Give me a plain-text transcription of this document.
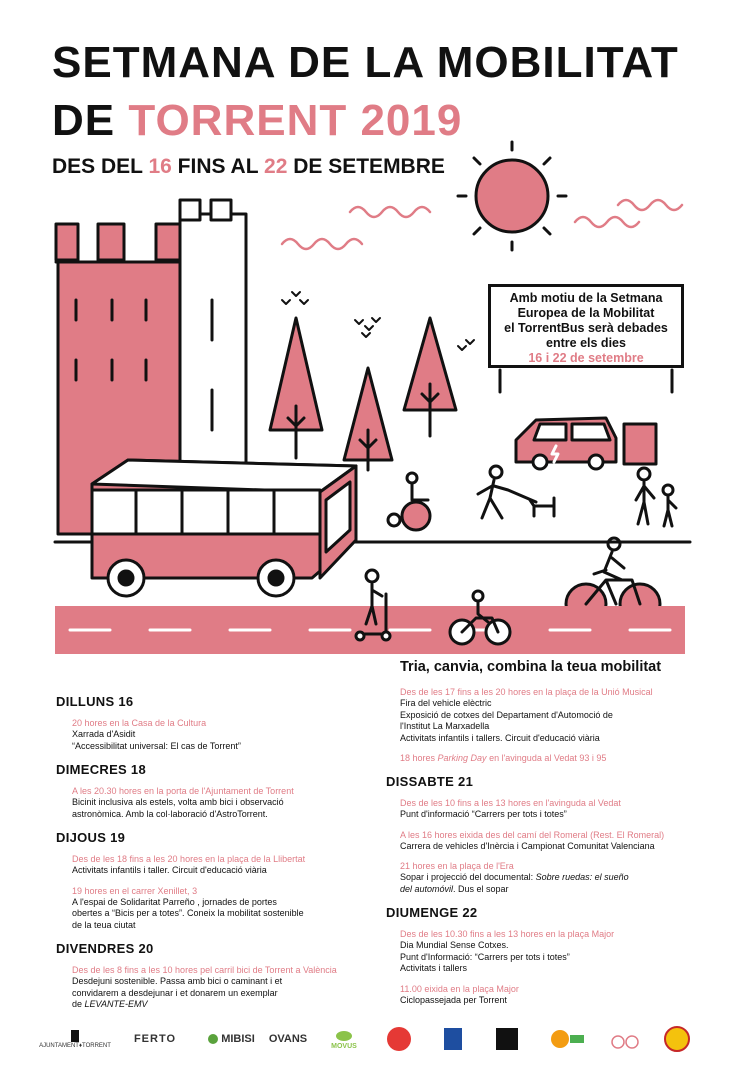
SETMANA DE LA MOBILITAT
DE TORRENT 2019
DES DEL 16 FINS AL 22 DE SETEMBRE
Amb motiu de la Setmana
Europea de la Mobilitat
el TorrentBus serà debades
entre els dies
16 i 22 de setembre
Tria, canvia, combina la teua mobilitat
DILLUNS 16
20 hores en la Casa de la Cultura
Xarrada d'Asidit
“Accessibilitat universal: El cas de Torrent”
DIMECRES 18
A les 20.30 hores en la porta de l'Ajuntament de Torrent
Bicinit inclusiva als estels, volta amb bici i observació
astronòmica. Amb la col·laboració d'AstroTorrent.
DIJOUS 19
Des de les 18 fins a les 20 hores en la plaça de la Llibertat
Activitats infantils i taller. Circuit d'educació viària
19 hores en el carrer Xenillet, 3
A l'espai de Solidaritat Parreño , jornades de portes
obertes a “Bicis per a totes”. Coneix la mobilitat sostenible
de la teua ciutat
DIVENDRES 20
Des de les 8 fins a les 10 hores pel carril bici de Torrent a València
Desdejuni sostenible. Passa amb bici o caminant i et
convidarem a desdejunar i et donarem un exemplar
de LEVANTE-EMV
Des de les 17 fins a les 20 hores en la plaça de la Unió Musical
Fira del vehicle elèctric
Exposició de cotxes del Departament d'Automoció de
l'Institut La Marxadella
Activitats infantils i tallers. Circuit d'educació viària
18 hores Parking Day en l'avinguda al Vedat 93 i 95
DISSABTE 21
Des de les 10 fins a les 13 hores en l'avinguda al Vedat
Punt d'informació “Carrers per tots i totes”
A les 16 hores eixida des del camí del Romeral (Rest. El Romeral)
Carrera de vehicles d'Inèrcia i Campionat Comunitat Valenciana
21 hores en la plaça de l'Era
Sopar i projecció del documental: Sobre ruedas: el sueño
del automóvil. Dus el sopar
DIUMENGE 22
Des de les 10.30 fins a les 13 hores en la plaça Major
Dia Mundial Sense Cotxes.
Punt d'Informació: “Carrers per tots i totes”
Activitats i tallers
11.00 eixida en la plaça Major
Ciclopassejada per Torrent
AJUNTAMENT♦TORRENT
FERTO	MIBISI OVANS
MOVUS
